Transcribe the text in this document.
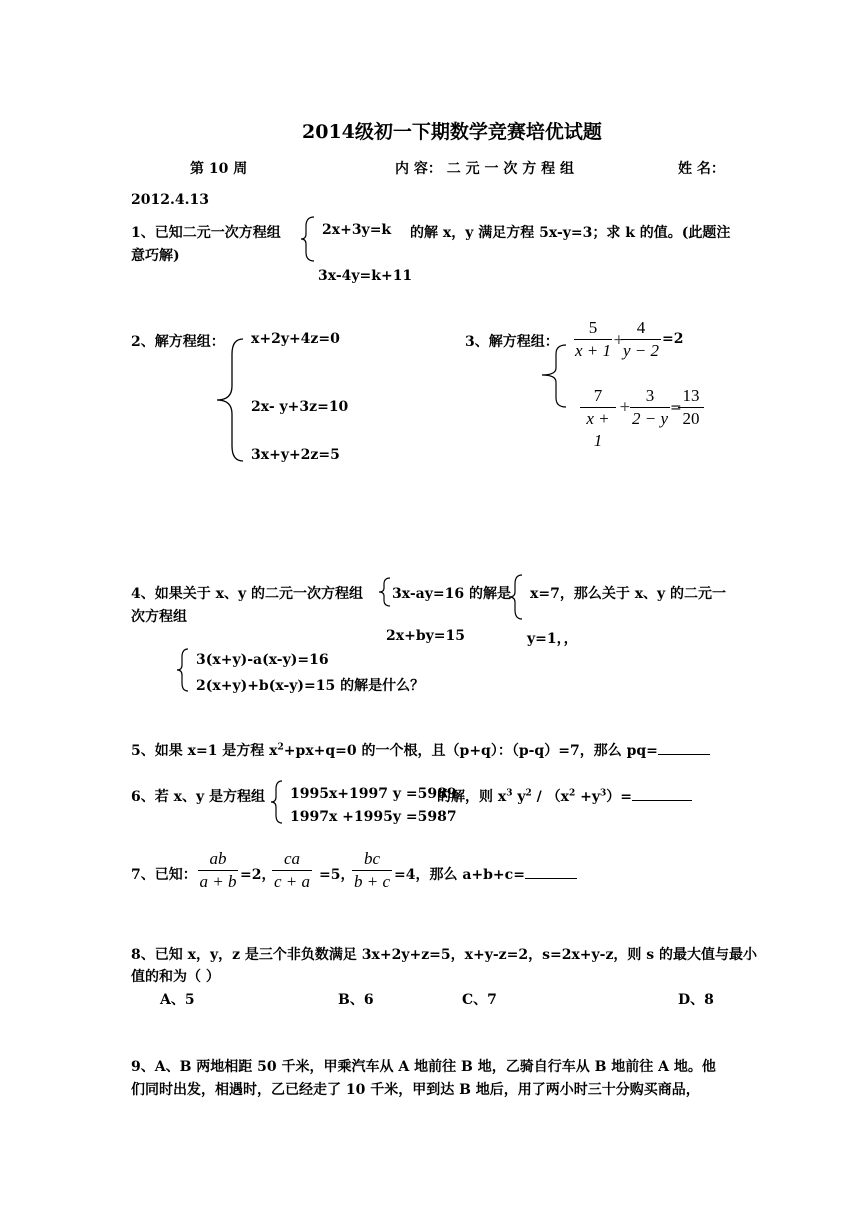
2014级初一下期数学竞赛培优试题
第 10 周	内 容： 二 元 一 次 方 程 组	姓 名：
2012.4.13
1、已知二元一次方程组	2x+3y=k 的解 x，y 满足方程 5x-y=3；求 k 的值。(此题注
意巧解)
3x-4y=k+11
2、解方程组： x+2y+4z=0
2x- y+3z=10
3x+y+2z=5
3、解方程组：
5
x + 1
+
4
y − 2
=2
7
x + 1
+
3
2 − y
=
13
20
4、如果关于 x、y 的二元一次方程组 3x-ay=16 的解是 x=7，那么关于 x、y 的二元一
次方程组
2x+by=15	y=1，，
3(x+y)-a(x-y)=16
2(x+y)+b(x-y)=15 的解是什么？
5、如果 x=1 是方程 $x^2+px+q=0$ 的一个根，且（p+q）：（p-q）=7，那么 pq=
6、若 x、y 是方程组 1995x+1997 y =5989
的解，则 $x^3$ $y^2 / (x^2 +y^3)=$
1997x +1995y =5987
7、已知：
ab
a + b =2，
ca
c + a =5，
bc
b + c =4，那么 a+b+c=
8、已知 x，y，z 是三个非负数满足 3x+2y+z=5，x+y-z=2，s=2x+y-z，则 s 的最大值与最小
值的和为（ ）
A、5	B、6	C、7	D、8
9、A、B 两地相距 50 千米，甲乘汽车从 A 地前往 B 地，乙骑自行车从 B 地前往 A 地。他
们同时出发，相遇时，乙已经走了 10 千米，甲到达 B 地后，用了两小时三十分购买商品，
